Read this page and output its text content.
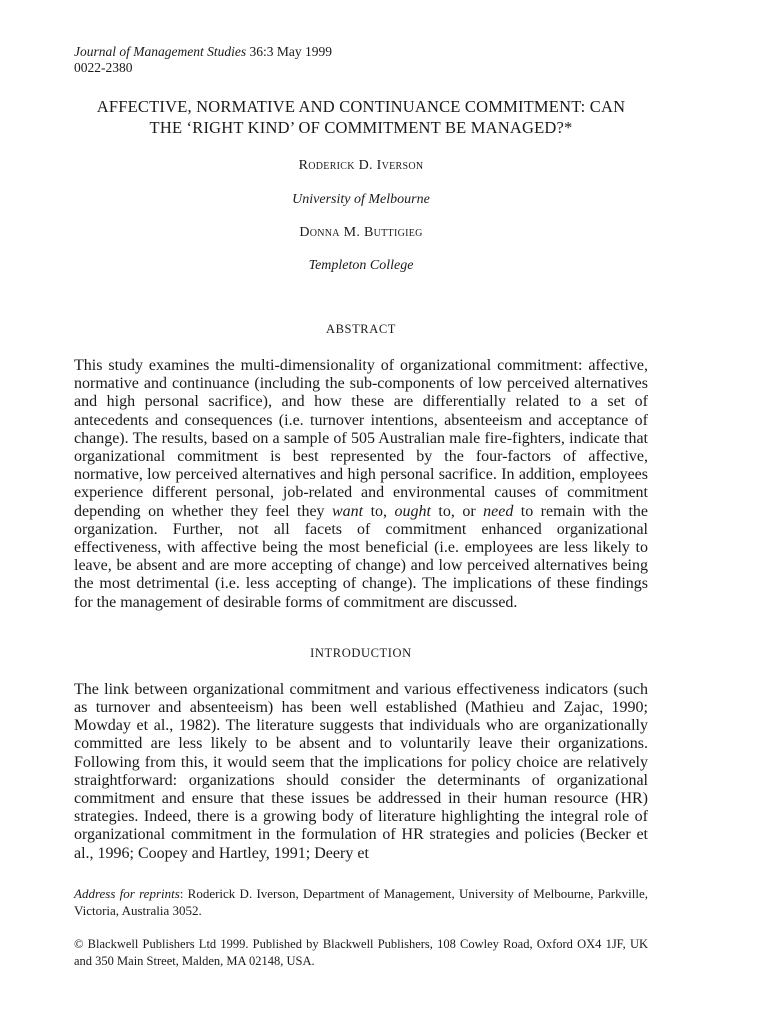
Journal of Management Studies 36:3 May 1999
0022-2380
AFFECTIVE, NORMATIVE AND CONTINUANCE COMMITMENT: CAN THE ‘RIGHT KIND’ OF COMMITMENT BE MANAGED?*
Roderick D. Iverson
University of Melbourne
Donna M. Buttigieg
Templeton College
ABSTRACT

This study examines the multi-dimensionality of organizational commitment: affective, normative and continuance (including the sub-components of low perceived alternatives and high personal sacrifice), and how these are differentially related to a set of antecedents and consequences (i.e. turnover intentions, absenteeism and acceptance of change). The results, based on a sample of 505 Australian male fire-fighters, indicate that organizational commitment is best represented by the four-factors of affective, normative, low perceived alternatives and high personal sacrifice. In addition, employees experience different personal, job-related and environmental causes of commitment depending on whether they feel they want to, ought to, or need to remain with the organization. Further, not all facets of commitment enhanced organizational effectiveness, with affective being the most beneficial (i.e. employees are less likely to leave, be absent and are more accepting of change) and low perceived alternatives being the most detrimental (i.e. less accepting of change). The implications of these findings for the management of desirable forms of commitment are discussed.

INTRODUCTION

The link between organizational commitment and various effectiveness indicators (such as turnover and absenteeism) has been well established (Mathieu and Zajac, 1990; Mowday et al., 1982). The literature suggests that individuals who are organizationally committed are less likely to be absent and to voluntarily leave their organizations. Following from this, it would seem that the implications for policy choice are relatively straightforward: organizations should consider the determinants of organizational commitment and ensure that these issues be addressed in their human resource (HR) strategies. Indeed, there is a growing body of literature highlighting the integral role of organizational commitment in the formulation of HR strategies and policies (Becker et al., 1996; Coopey and Hartley, 1991; Deery et

Address for reprints: Roderick D. Iverson, Department of Management, University of Melbourne, Parkville, Victoria, Australia 3052.
© Blackwell Publishers Ltd 1999. Published by Blackwell Publishers, 108 Cowley Road, Oxford OX4 1JF, UK and 350 Main Street, Malden, MA 02148, USA.
